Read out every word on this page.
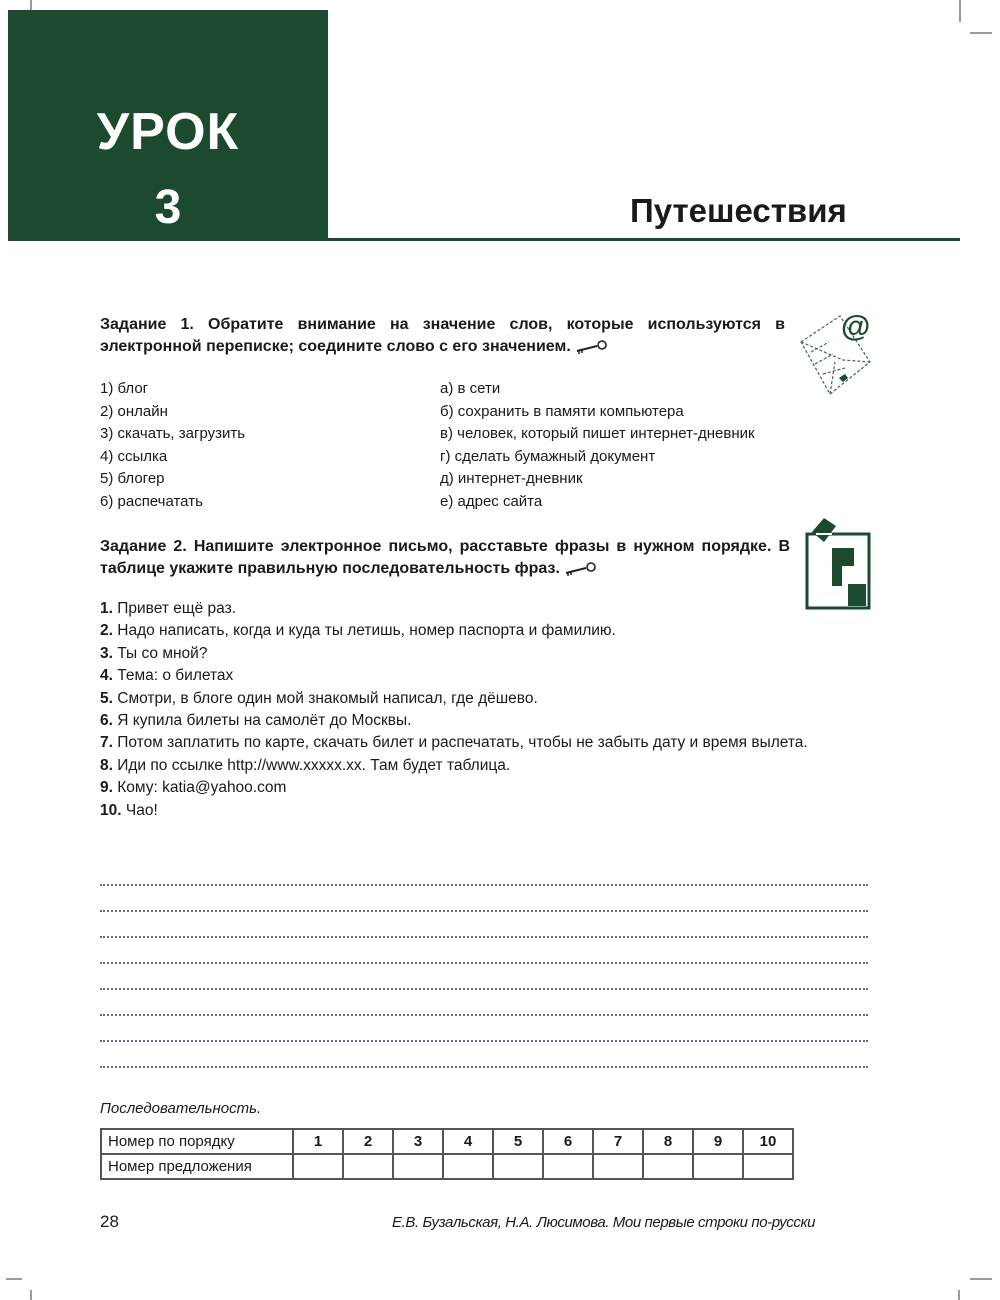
УРОК
3	Путешествия
Задание 1. Обратите внимание на значение слов, которые используются в электронной переписке; соедините слово с его значением.
@
1) блог
2) онлайн
3) скачать, загрузить
4) ссылка
5) блогер
6) распечатать
а) в сети
б) сохранить в памяти компьютера
в) человек, который пишет интернет-дневник
г) сделать бумажный документ
д) интернет-дневник
е) адрес сайта
Задание 2. Напишите электронное письмо, расставьте фразы в нужном порядке. В таблице укажите правильную последовательность фраз.
1. Привет ещё раз.
2. Надо написать, когда и куда ты летишь, номер паспорта и фамилию.
3. Ты со мной?
4. Тема: о билетах
5. Смотри, в блоге один мой знакомый написал, где дёшево.
6. Я купила билеты на самолёт до Москвы.
7. Потом заплатить по карте, скачать билет и распечатать, чтобы не забыть дату и время вылета.
8. Иди по ссылке http://www.xxxxx.xx. Там будет таблица.
9. Кому: katia@yahoo.com
10. Чао!
Последовательность.
Номер по порядку	1	2	3	4	5	6	7	8	9	10
Номер предложения										
28	Е.В. Бузальская, Н.А. Люсимова. Мои первые строки по-русски
